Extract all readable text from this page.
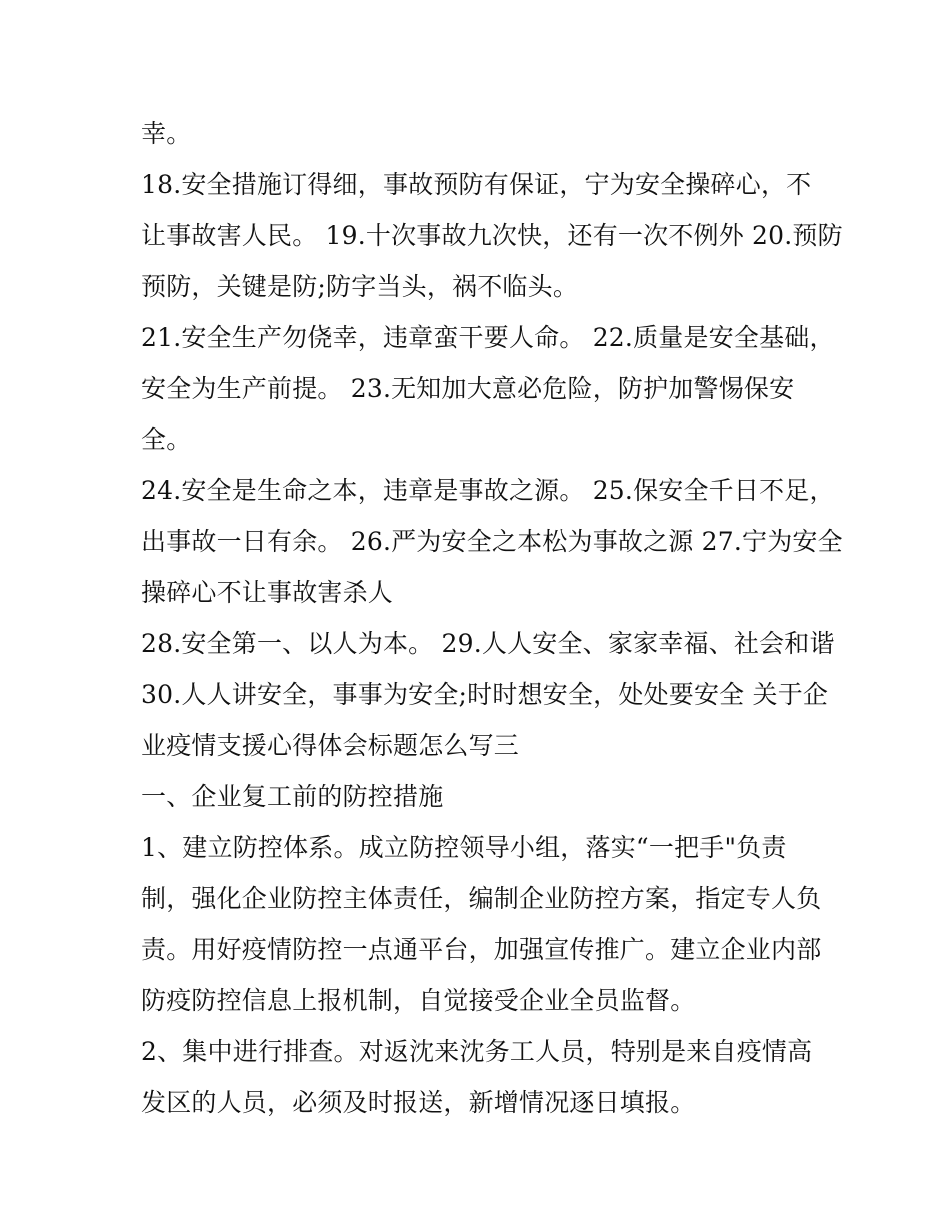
幸。
18.安全措施订得细，事故预防有保证，宁为安全操碎心，不
让事故害人民。 19.十次事故九次快，还有一次不例外 20.预防
预防，关键是防;防字当头，祸不临头。
21.安全生产勿侥幸，违章蛮干要人命。 22.质量是安全基础，
安全为生产前提。 23.无知加大意必危险，防护加警惕保安
全。
24.安全是生命之本，违章是事故之源。 25.保安全千日不足，
出事故一日有余。 26.严为安全之本松为事故之源 27.宁为安全
操碎心不让事故害杀人
28.安全第一、以人为本。 29.人人安全、家家幸福、社会和谐
30.人人讲安全，事事为安全;时时想安全，处处要安全 关于企
业疫情支援心得体会标题怎么写三
一、企业复工前的防控措施
1、建立防控体系。成立防控领导小组，落实“一把手"负责
制，强化企业防控主体责任，编制企业防控方案，指定专人负
责。用好疫情防控一点通平台，加强宣传推广。建立企业内部
防疫防控信息上报机制，自觉接受企业全员监督。
2、集中进行排查。对返沈来沈务工人员，特别是来自疫情高
发区的人员，必须及时报送，新增情况逐日填报。
